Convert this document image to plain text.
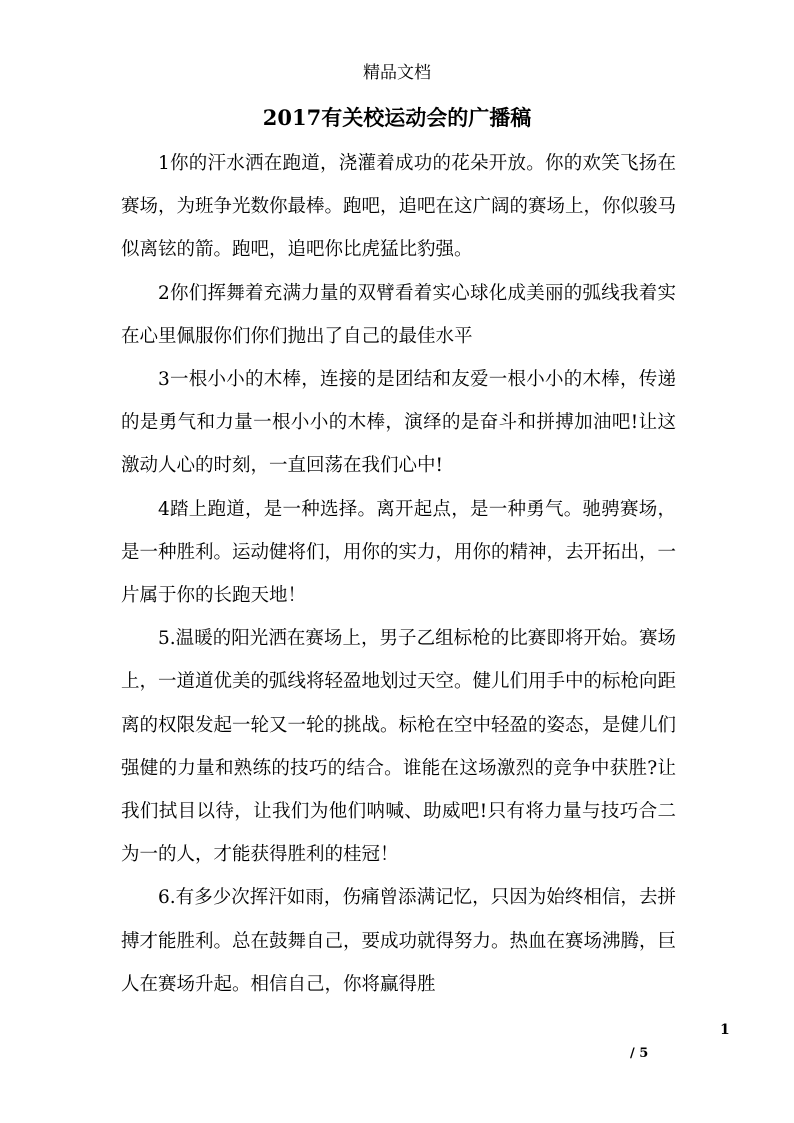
精品文档
2017有关校运动会的广播稿

1你的汗水洒在跑道，浇灌着成功的花朵开放。你的欢笑飞扬在赛场，为班争光数你最棒。跑吧，追吧在这广阔的赛场上，你似骏马似离铉的箭。跑吧，追吧你比虎猛比豹强。

2你们挥舞着充满力量的双臂看着实心球化成美丽的弧线我着实在心里佩服你们你们抛出了自己的最佳水平

3一根小小的木棒，连接的是团结和友爱一根小小的木棒，传递的是勇气和力量一根小小的木棒，演绎的是奋斗和拼搏加油吧!让这激动人心的时刻，一直回荡在我们心中!

4踏上跑道，是一种选择。离开起点，是一种勇气。驰骋赛场，是一种胜利。运动健将们，用你的实力，用你的精神，去开拓出，一片属于你的长跑天地！

5.温暖的阳光洒在赛场上，男子乙组标枪的比赛即将开始。赛场上，一道道优美的弧线将轻盈地划过天空。健儿们用手中的标枪向距离的权限发起一轮又一轮的挑战。标枪在空中轻盈的姿态，是健儿们强健的力量和熟练的技巧的结合。谁能在这场激烈的竞争中获胜?让我们拭目以待，让我们为他们呐喊、助威吧!只有将力量与技巧合二为一的人，才能获得胜利的桂冠！

6.有多少次挥汗如雨，伤痛曾添满记忆，只因为始终相信，去拼搏才能胜利。总在鼓舞自己，要成功就得努力。热血在赛场沸腾，巨人在赛场升起。相信自己，你将赢得胜

1
/ 5
